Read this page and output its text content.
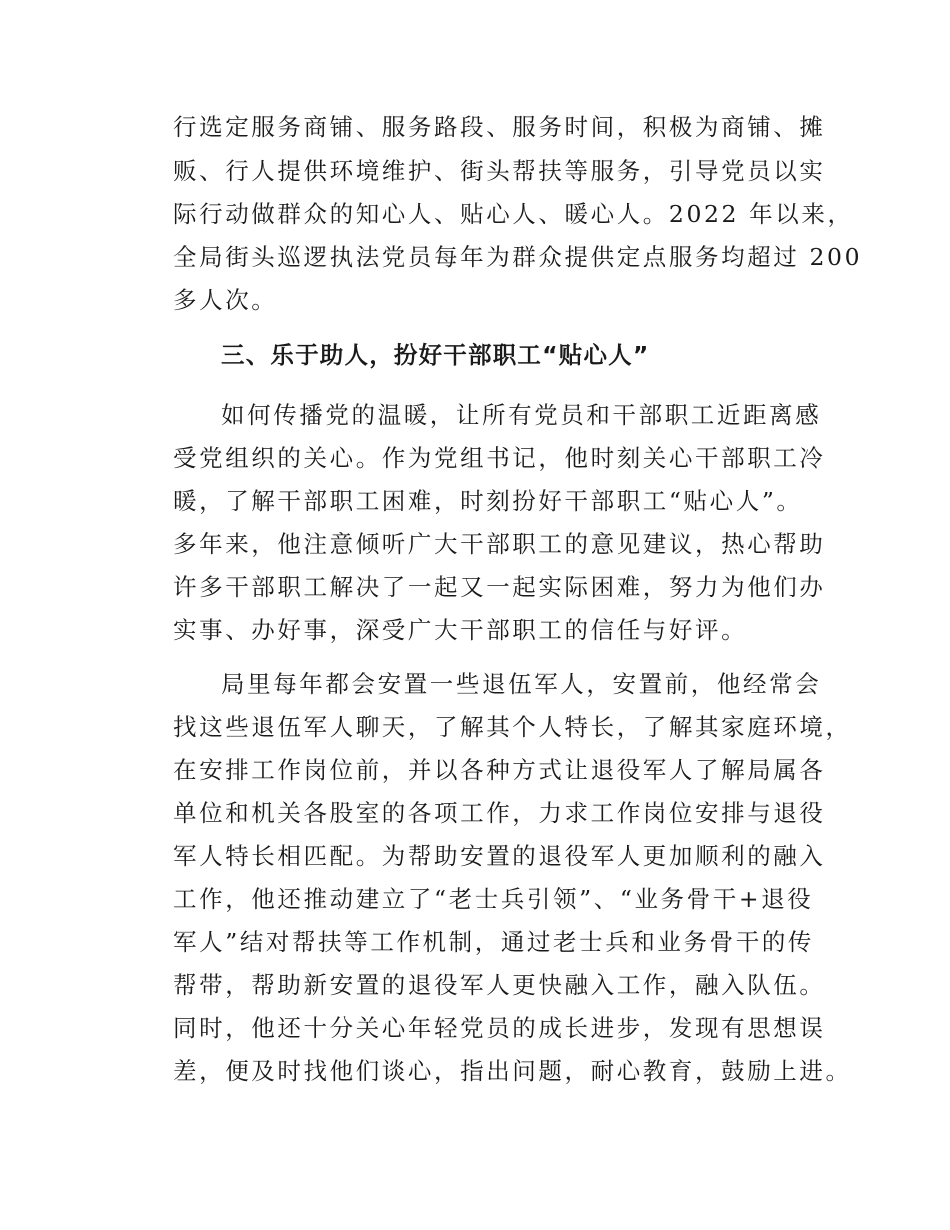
行选定服务商铺、服务路段、服务时间，积极为商铺、摊
贩、行人提供环境维护、街头帮扶等服务，引导党员以实
际行动做群众的知心人、贴心人、暖心人。2022 年以来，
全局街头巡逻执法党员每年为群众提供定点服务均超过 200
多人次。
三、乐于助人，扮好干部职工“贴心人”
如何传播党的温暖，让所有党员和干部职工近距离感
受党组织的关心。作为党组书记，他时刻关心干部职工冷
暖，了解干部职工困难，时刻扮好干部职工“贴心人”。
多年来，他注意倾听广大干部职工的意见建议，热心帮助
许多干部职工解决了一起又一起实际困难，努力为他们办
实事、办好事，深受广大干部职工的信任与好评。
局里每年都会安置一些退伍军人，安置前，他经常会
找这些退伍军人聊天，了解其个人特长，了解其家庭环境，
在安排工作岗位前，并以各种方式让退役军人了解局属各
单位和机关各股室的各项工作，力求工作岗位安排与退役
军人特长相匹配。为帮助安置的退役军人更加顺利的融入
工作，他还推动建立了“老士兵引领”、“业务骨干+退役
军人”结对帮扶等工作机制，通过老士兵和业务骨干的传
帮带，帮助新安置的退役军人更快融入工作，融入队伍。
同时，他还十分关心年轻党员的成长进步，发现有思想误
差，便及时找他们谈心，指出问题，耐心教育，鼓励上进。
